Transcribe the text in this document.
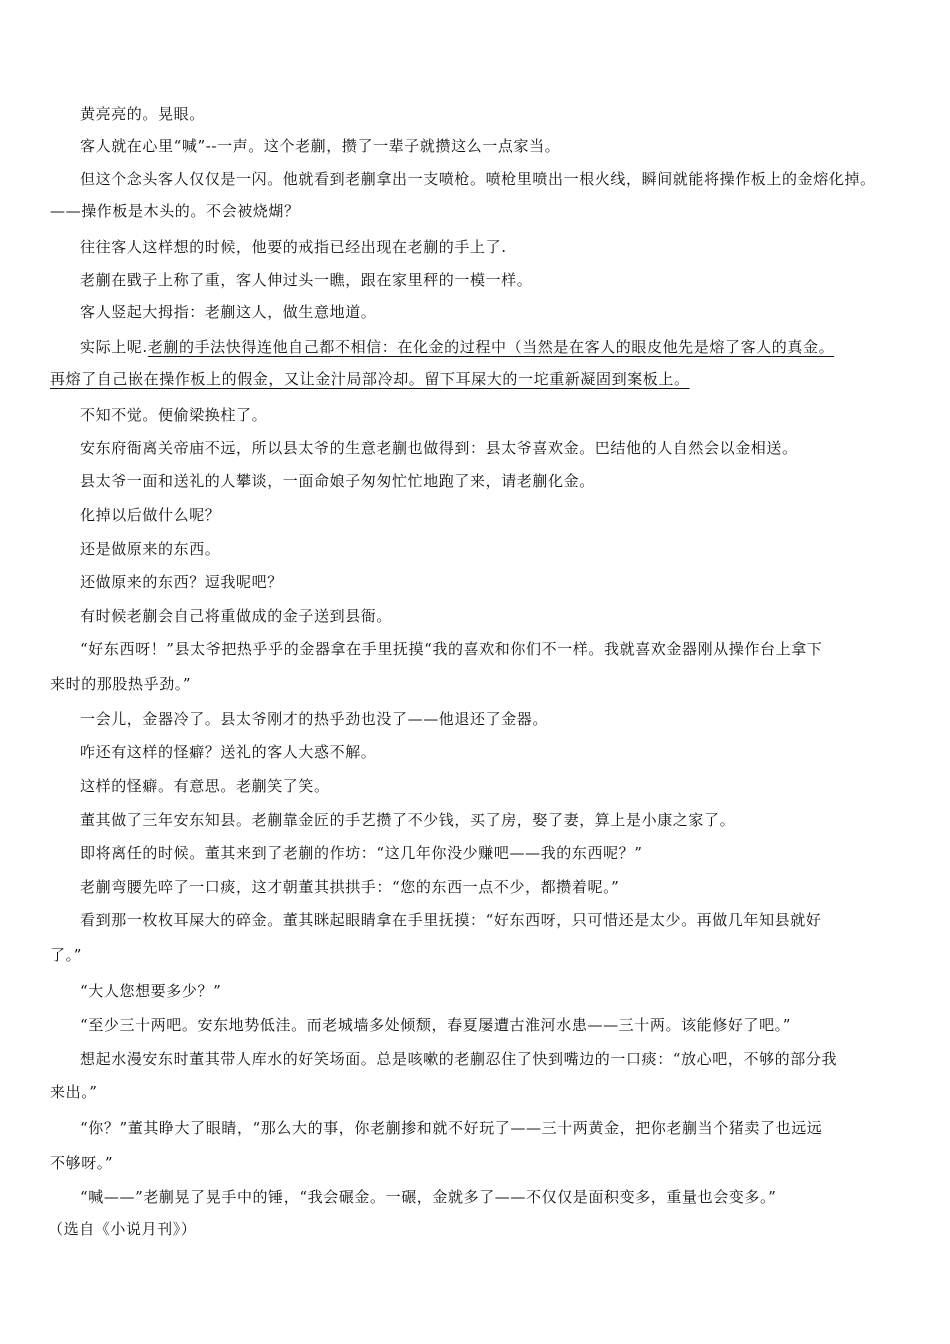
黄亮亮的。晃眼。
客人就在心里“喊”--一声。这个老蒯，攒了一辈子就攒这么一点家当。
但这个念头客人仅仅是一闪。他就看到老蒯拿出一支喷枪。喷枪里喷出一根火线，瞬间就能将操作板上的金熔化掉。
——操作板是木头的。不会被烧煳？
往往客人这样想的时候，他要的戒指已经出现在老蒯的手上了.
老蒯在戥子上称了重，客人伸过头一瞧，跟在家里秤的一模一样。
客人竖起大拇指：老蒯这人，做生意地道。
实际上呢.老蒯的手法快得连他自己都不相信：在化金的过程中（当然是在客人的眼皮他先是熔了客人的真金。
再熔了自己嵌在操作板上的假金，又让金汁局部冷却。留下耳屎大的一坨重新凝固到案板上。
不知不觉。便偷梁换柱了。
安东府衙离关帝庙不远，所以县太爷的生意老蒯也做得到：县太爷喜欢金。巴结他的人自然会以金相送。
县太爷一面和送礼的人攀谈，一面命娘子匆匆忙忙地跑了来，请老蒯化金。
化掉以后做什么呢？
还是做原来的东西。
还做原来的东西？逗我呢吧？
有时候老蒯会自己将重做成的金子送到县衙。
“好东西呀！”县太爷把热乎乎的金器拿在手里抚摸“我的喜欢和你们不一样。我就喜欢金器刚从操作台上拿下
来时的那股热乎劲。”
一会儿，金器冷了。县太爷刚才的热乎劲也没了——他退还了金器。
咋还有这样的怪癖？送礼的客人大惑不解。
这样的怪癖。有意思。老蒯笑了笑。
董其做了三年安东知县。老蒯靠金匠的手艺攒了不少钱，买了房，娶了妻，算上是小康之家了。
即将离任的时候。董其来到了老蒯的作坊：“这几年你没少赚吧——我的东西呢？”
老蒯弯腰先啐了一口痰，这才朝董其拱拱手：“您的东西一点不少，都攒着呢。”
看到那一枚枚耳屎大的碎金。董其眯起眼睛拿在手里抚摸：“好东西呀，只可惜还是太少。再做几年知县就好
了。”
“大人您想要多少？”
“至少三十两吧。安东地势低洼。而老城墙多处倾颓，春夏屡遭古淮河水患——三十两。该能修好了吧。”
想起水漫安东时董其带人库水的好笑场面。总是咳嗽的老蒯忍住了快到嘴边的一口痰：“放心吧，不够的部分我
来出。”
“你？”董其睁大了眼睛，“那么大的事，你老蒯掺和就不好玩了——三十两黄金，把你老蒯当个猪卖了也远远
不够呀。”
“喊——”老蒯晃了晃手中的锤，“我会碾金。一碾，金就多了——不仅仅是面积变多，重量也会变多。”
（选自《小说月刊》）
